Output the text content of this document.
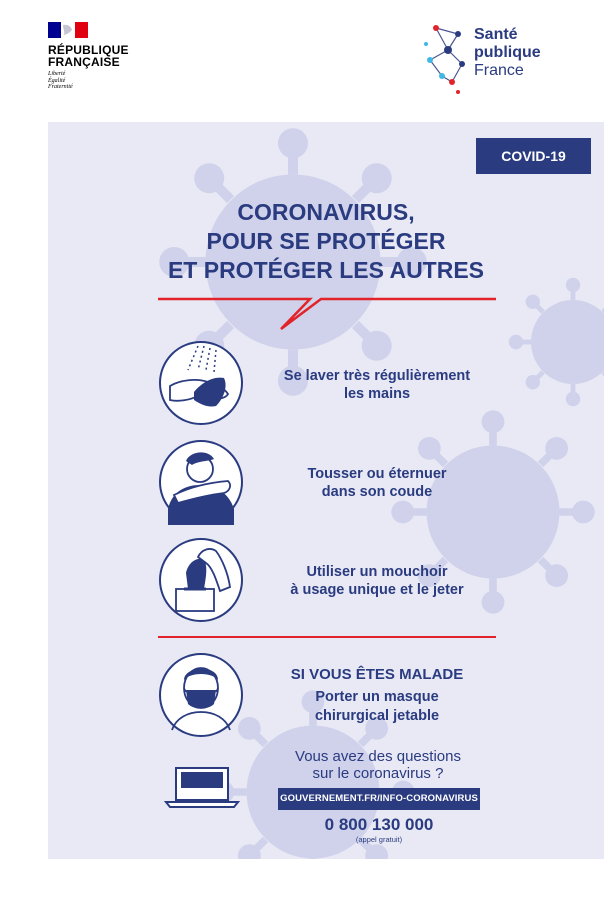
RÉPUBLIQUE
FRANÇAISE
Liberté
Égalité
Fraternité
Santé
publique
France
COVID-19
CORONAVIRUS,
POUR SE PROTÉGER
ET PROTÉGER LES AUTRES
Se laver très régulièrement
les mains
Tousser ou éternuer
dans son coude
Utiliser un mouchoir
à usage unique et le jeter
SI VOUS ÊTES MALADE
Porter un masque
chirurgical jetable
Vous avez des questions
sur le coronavirus ?
GOUVERNEMENT.FR/INFO-CORONAVIRUS
0 800 130 000
(appel gratuit)
